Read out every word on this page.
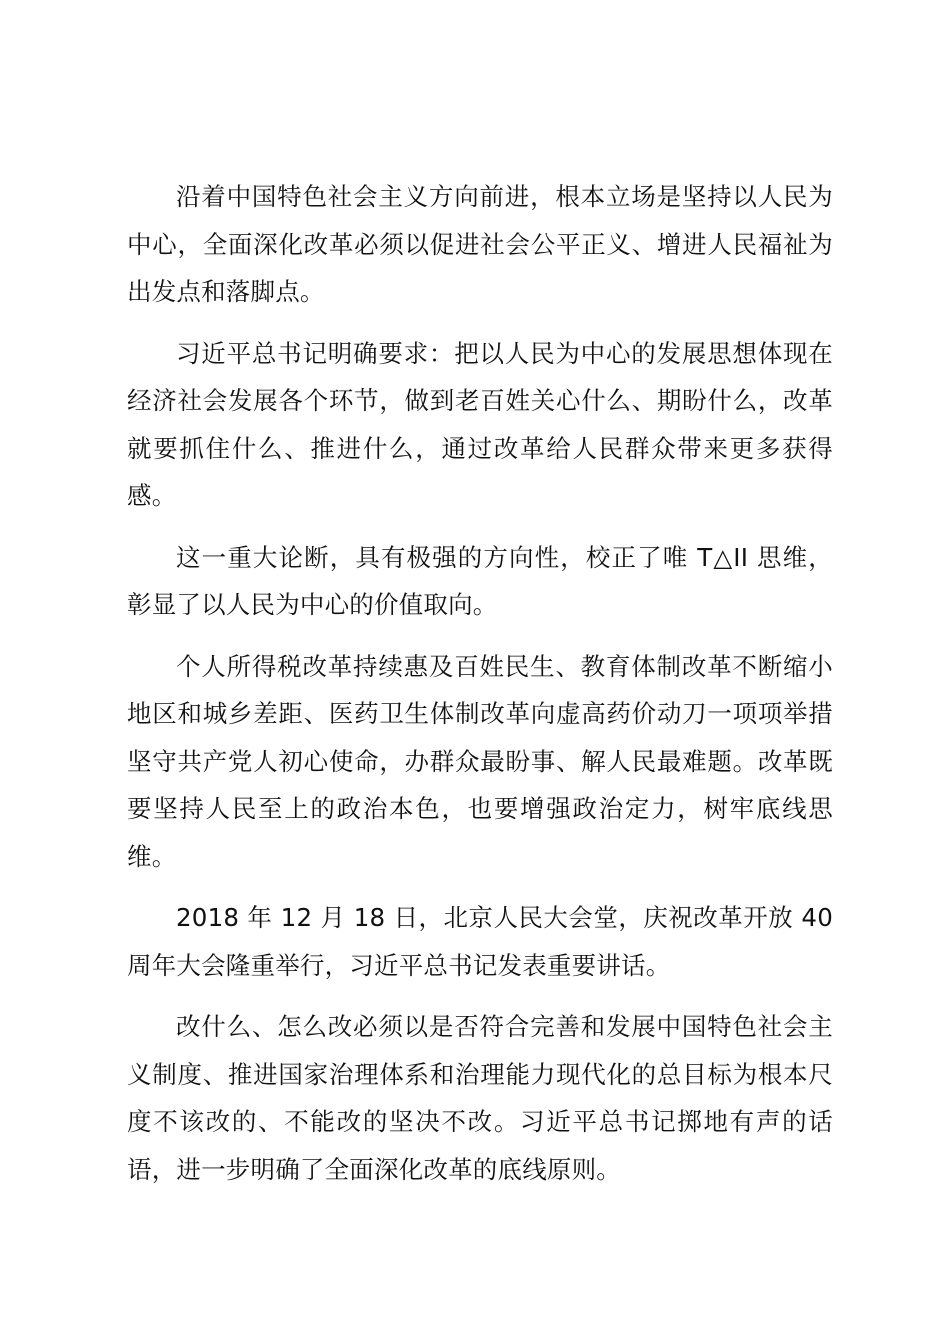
沿着中国特色社会主义方向前进，根本立场是坚持以人民为中心，全面深化改革必须以促进社会公平正义、增进人民福祉为出发点和落脚点。

习近平总书记明确要求：把以人民为中心的发展思想体现在经济社会发展各个环节，做到老百姓关心什么、期盼什么，改革就要抓住什么、推进什么，通过改革给人民群众带来更多获得感。

这一重大论断，具有极强的方向性，校正了唯 T△II 思维，彰显了以人民为中心的价值取向。

个人所得税改革持续惠及百姓民生、教育体制改革不断缩小地区和城乡差距、医药卫生体制改革向虚高药价动刀一项项举措坚守共产党人初心使命，办群众最盼事、解人民最难题。改革既要坚持人民至上的政治本色，也要增强政治定力，树牢底线思维。

2018 年 12 月 18 日，北京人民大会堂，庆祝改革开放 40 周年大会隆重举行，习近平总书记发表重要讲话。

改什么、怎么改必须以是否符合完善和发展中国特色社会主义制度、推进国家治理体系和治理能力现代化的总目标为根本尺度不该改的、不能改的坚决不改。习近平总书记掷地有声的话语，进一步明确了全面深化改革的底线原则。
